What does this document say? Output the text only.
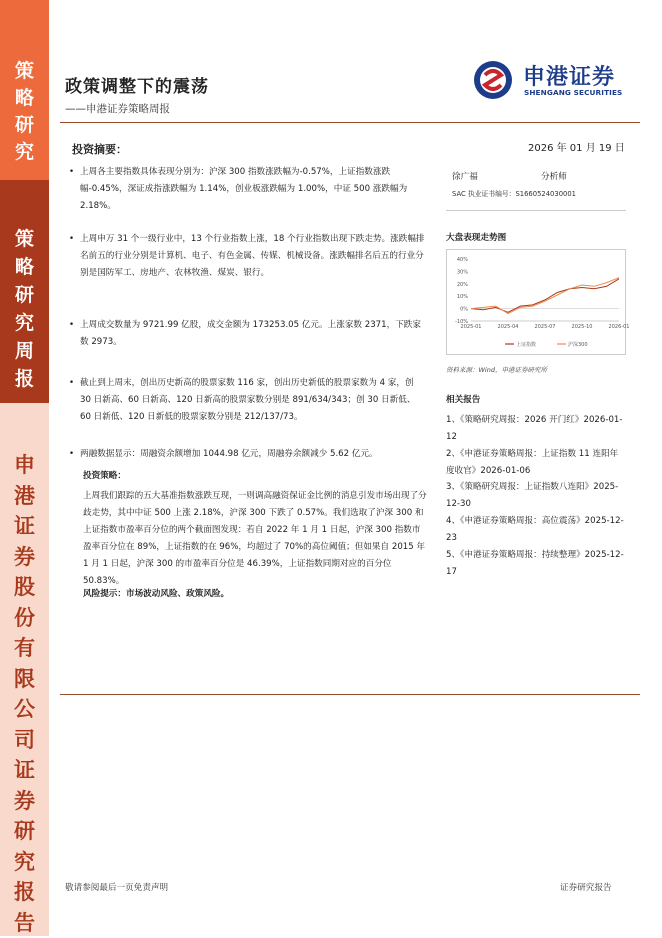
策
略
研
究
策
略
研
究
周
报
申
港
证
券
股
份
有
限
公
司
证
券
研
究
报
告
政策调整下的震荡
——申港证券策略周报
申港证券
SHENGANG SECURITIES
投资摘要：
• 上周各主要指数具体表现分别为：沪深 300 指数涨跌幅为-0.57%，上证指数涨跌幅-0.45%，深证成指涨跌幅为 1.14%，创业板涨跌幅为 1.00%，中证 500 涨跌幅为 2.18%。
• 上周申万 31 个一级行业中，13 个行业指数上涨，18 个行业指数出现下跌走势。涨跌幅排名前五的行业分别是计算机、电子、有色金属、传媒、机械设备。涨跌幅排名后五的行业分别是国防军工、房地产、农林牧渔、煤炭、银行。
• 上周成交数量为 9721.99 亿股，成交金额为 173253.05 亿元。上涨家数 2371，下跌家数 2973。
• 截止到上周末，创出历史新高的股票家数 116 家，创出历史新低的股票家数为 4 家，创 30 日新高、60 日新高、120 日新高的股票家数分别是 891/634/343；创 30 日新低、60 日新低、120 日新低的股票家数分别是 212/137/73。
• 两融数据显示：周融资余额增加 1044.98 亿元，周融券余额减少 5.62 亿元。
投资策略：
上周我们跟踪的五大基准指数涨跌互现，一则调高融资保证金比例的消息引发市场出现了分歧走势，其中中证 500 上涨 2.18%，沪深 300 下跌了 0.57%。我们选取了沪深 300 和上证指数市盈率百分位的两个截面图发现：若自 2022 年 1 月 1 日起，沪深 300 指数市盈率百分位在 89%，上证指数的在 96%，均超过了 70%的高位阈值；但如果自 2015 年 1 月 1 日起，沪深 300 的市盈率百分位是 46.39%，上证指数同期对应的百分位 50.83%。
风险提示：市场波动风险、政策风险。
2026 年 01 月 19 日
徐广福	分析师
SAC 执业证书编号：S1660524030001
大盘表现走势图
40%
30%
20%
10%
0%
-10%
2025-01	2025-04	2025-07	2025-10	2026-01
上证指数	沪深300
资料来源：Wind，申港证券研究所
相关报告
1、《策略研究周报：2026 开门红》2026-01-12
2、《申港证券策略周报：上证指数 11 连阳年度收官》2026-01-06
3、《策略研究周报：上证指数八连阳》2025-12-30
4、《申港证券策略周报：高位震荡》2025-12-23
5、《申港证券策略周报：持续整理》2025-12-17
敬请参阅最后一页免责声明	证券研究报告
